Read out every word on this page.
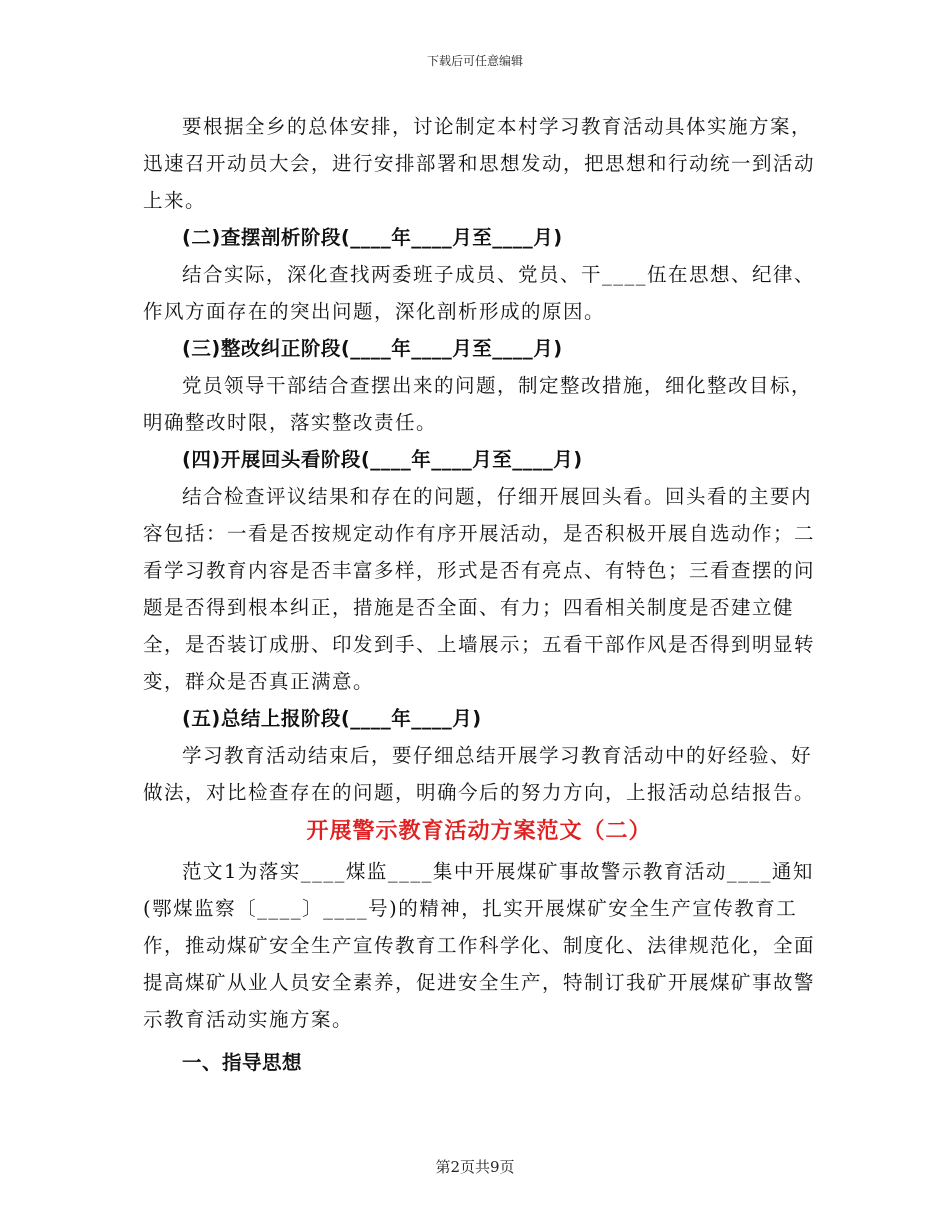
下载后可任意编辑

要根据全乡的总体安排，讨论制定本村学习教育活动具体实施方案，迅速召开动员大会，进行安排部署和思想发动，把思想和行动统一到活动上来。

(二)查摆剖析阶段(____年____月至____月)

结合实际，深化查找两委班子成员、党员、干____伍在思想、纪律、作风方面存在的突出问题，深化剖析形成的原因。

(三)整改纠正阶段(____年____月至____月)

党员领导干部结合查摆出来的问题，制定整改措施，细化整改目标，明确整改时限，落实整改责任。

(四)开展回头看阶段(____年____月至____月)

结合检查评议结果和存在的问题，仔细开展回头看。回头看的主要内容包括：一看是否按规定动作有序开展活动，是否积极开展自选动作；二看学习教育内容是否丰富多样，形式是否有亮点、有特色；三看查摆的问题是否得到根本纠正，措施是否全面、有力；四看相关制度是否建立健全，是否装订成册、印发到手、上墙展示；五看干部作风是否得到明显转变，群众是否真正满意。

(五)总结上报阶段(____年____月)

学习教育活动结束后，要仔细总结开展学习教育活动中的好经验、好做法，对比检查存在的问题，明确今后的努力方向，上报活动总结报告。

开展警示教育活动方案范文（二）

范文1为落实____煤监____集中开展煤矿事故警示教育活动____通知(鄂煤监察〔____〕____号)的精神，扎实开展煤矿安全生产宣传教育工作，推动煤矿安全生产宣传教育工作科学化、制度化、法律规范化，全面提高煤矿从业人员安全素养，促进安全生产，特制订我矿开展煤矿事故警示教育活动实施方案。

一、指导思想

第2页共9页
